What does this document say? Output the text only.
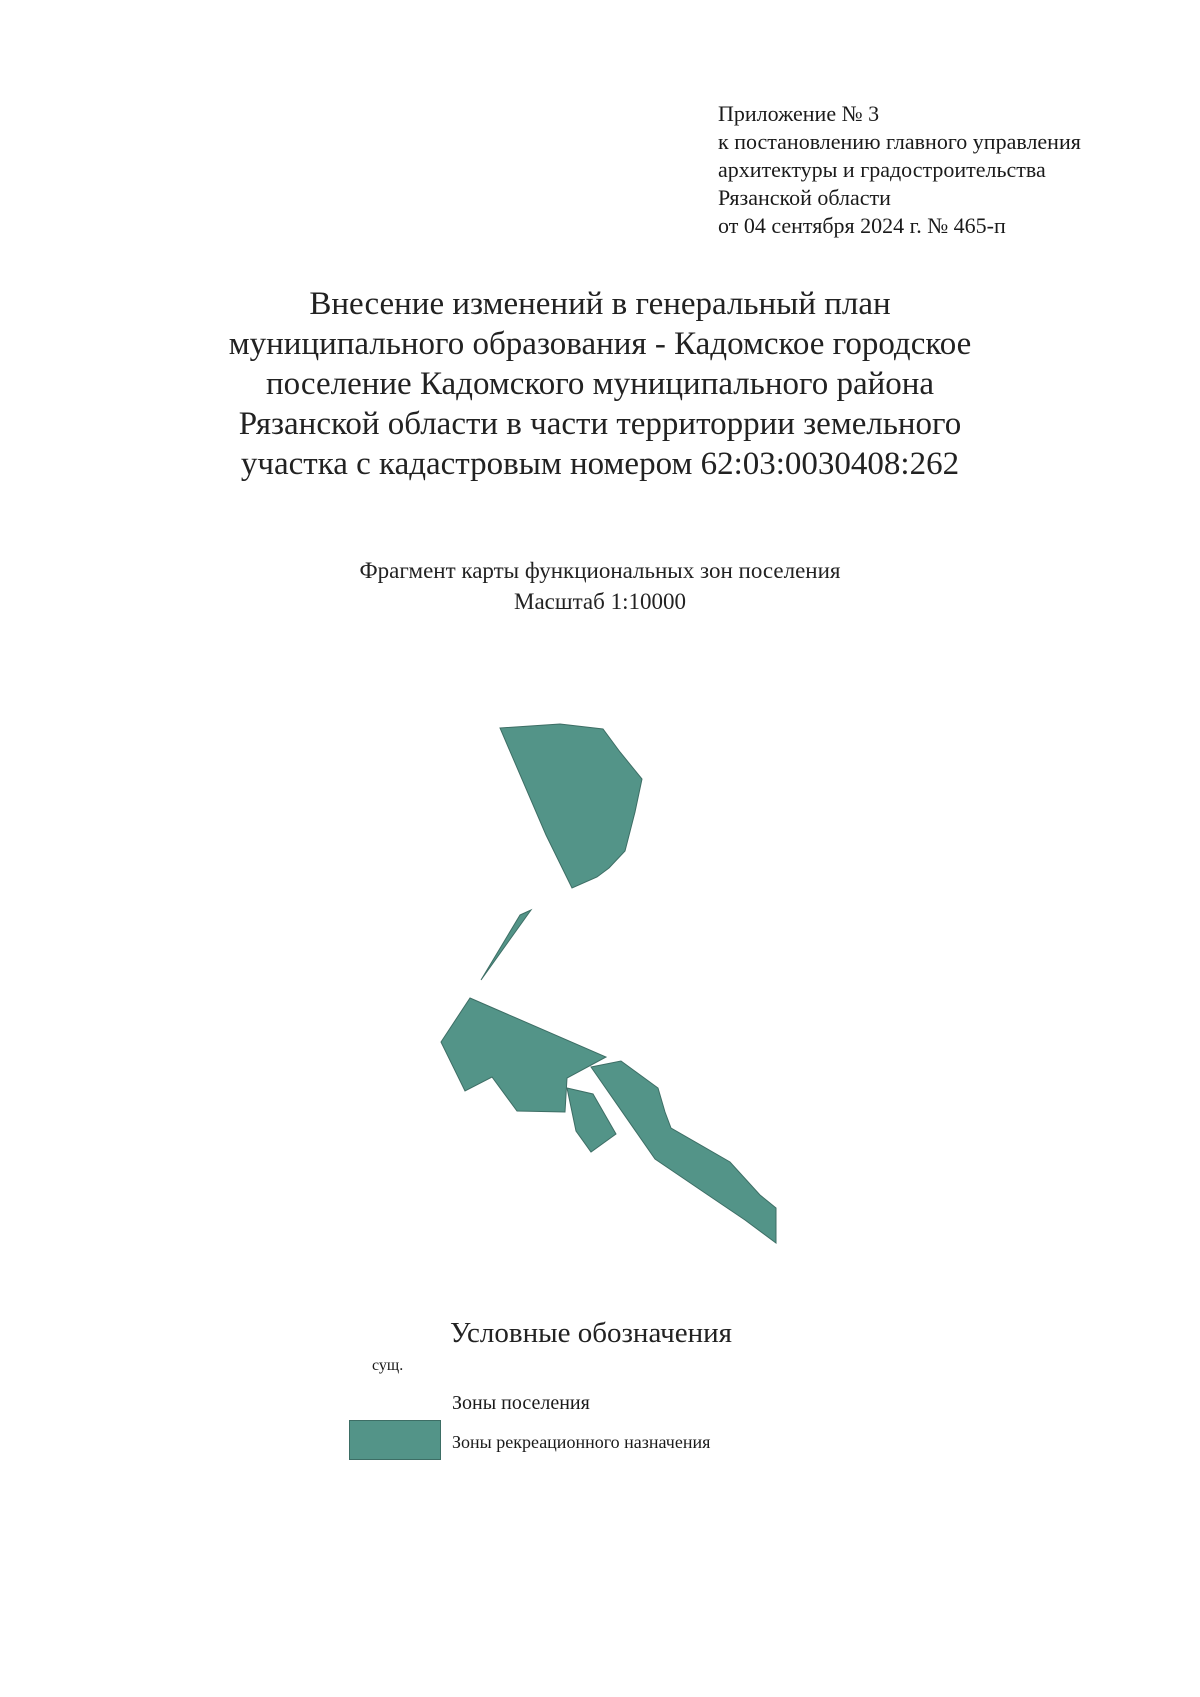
Приложение № 3
к постановлению главного управления
архитектуры и градостроительства
Рязанской области
от 04 сентября 2024 г. № 465-п
Внесение изменений в генеральный план
муниципального образования - Кадомское городское
поселение Кадомского муниципального района
Рязанской области в части территоррии земельного
участка с кадастровым номером 62:03:0030408:262
Фрагмент карты функциональных зон поселения
Масштаб 1:10000
Условные обозначения
сущ.
Зоны поселения
Зоны рекреационного назначения
